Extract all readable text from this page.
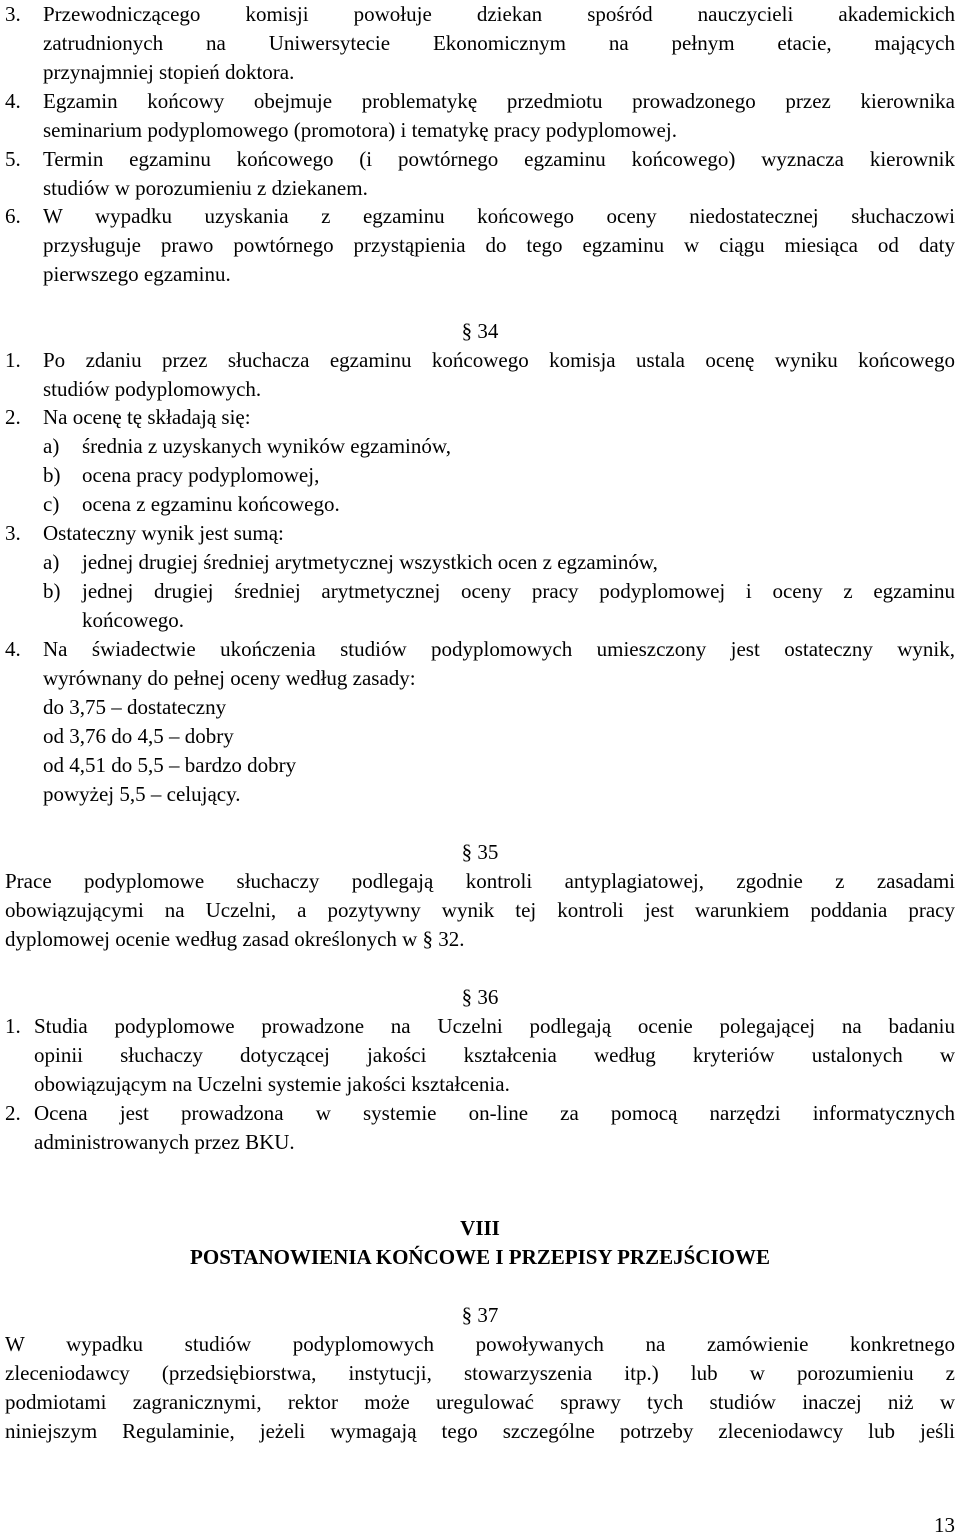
3. Przewodniczącego komisji powołuje dziekan spośród nauczycieli akademickich
zatrudnionych na Uniwersytecie Ekonomicznym na pełnym etacie, mających
przynajmniej stopień doktora.
4. Egzamin końcowy obejmuje problematykę przedmiotu prowadzonego przez kierownika
seminarium podyplomowego (promotora) i tematykę pracy podyplomowej.
5. Termin egzaminu końcowego (i powtórnego egzaminu końcowego) wyznacza kierownik
studiów w porozumieniu z dziekanem.
6. W wypadku uzyskania z egzaminu końcowego oceny niedostatecznej słuchaczowi
przysługuje prawo powtórnego przystąpienia do tego egzaminu w ciągu miesiąca od daty
pierwszego egzaminu.
§ 34
1. Po zdaniu przez słuchacza egzaminu końcowego komisja ustala ocenę wyniku końcowego
studiów podyplomowych.
2. Na ocenę tę składają się:
a) średnia z uzyskanych wyników egzaminów,
b) ocena pracy podyplomowej,
c) ocena z egzaminu końcowego.
3. Ostateczny wynik jest sumą:
a) jednej drugiej średniej arytmetycznej wszystkich ocen z egzaminów,
b) jednej drugiej średniej arytmetycznej oceny pracy podyplomowej i oceny z egzaminu
końcowego.
4. Na świadectwie ukończenia studiów podyplomowych umieszczony jest ostateczny wynik,
wyrównany do pełnej oceny według zasady:
do 3,75 – dostateczny
od 3,76 do 4,5 – dobry
od 4,51 do 5,5 – bardzo dobry
powyżej 5,5 – celujący.
§ 35
Prace podyplomowe słuchaczy podlegają kontroli antyplagiatowej, zgodnie z zasadami
obowiązującymi na Uczelni, a pozytywny wynik tej kontroli jest warunkiem poddania pracy
dyplomowej ocenie według zasad określonych w § 32.
§ 36
1. Studia podyplomowe prowadzone na Uczelni podlegają ocenie polegającej na badaniu
opinii słuchaczy dotyczącej jakości kształcenia według kryteriów ustalonych w
obowiązującym na Uczelni systemie jakości kształcenia.
2. Ocena jest prowadzona w systemie on-line za pomocą narzędzi informatycznych
administrowanych przez BKU.
VIII
POSTANOWIENIA KOŃCOWE I PRZEPISY PRZEJŚCIOWE
§ 37
W wypadku studiów podyplomowych powoływanych na zamówienie konkretnego
zleceniodawcy (przedsiębiorstwa, instytucji, stowarzyszenia itp.) lub w porozumieniu z
podmiotami zagranicznymi, rektor może uregulować sprawy tych studiów inaczej niż w
niniejszym Regulaminie, jeżeli wymagają tego szczególne potrzeby zleceniodawcy lub jeśli
13
